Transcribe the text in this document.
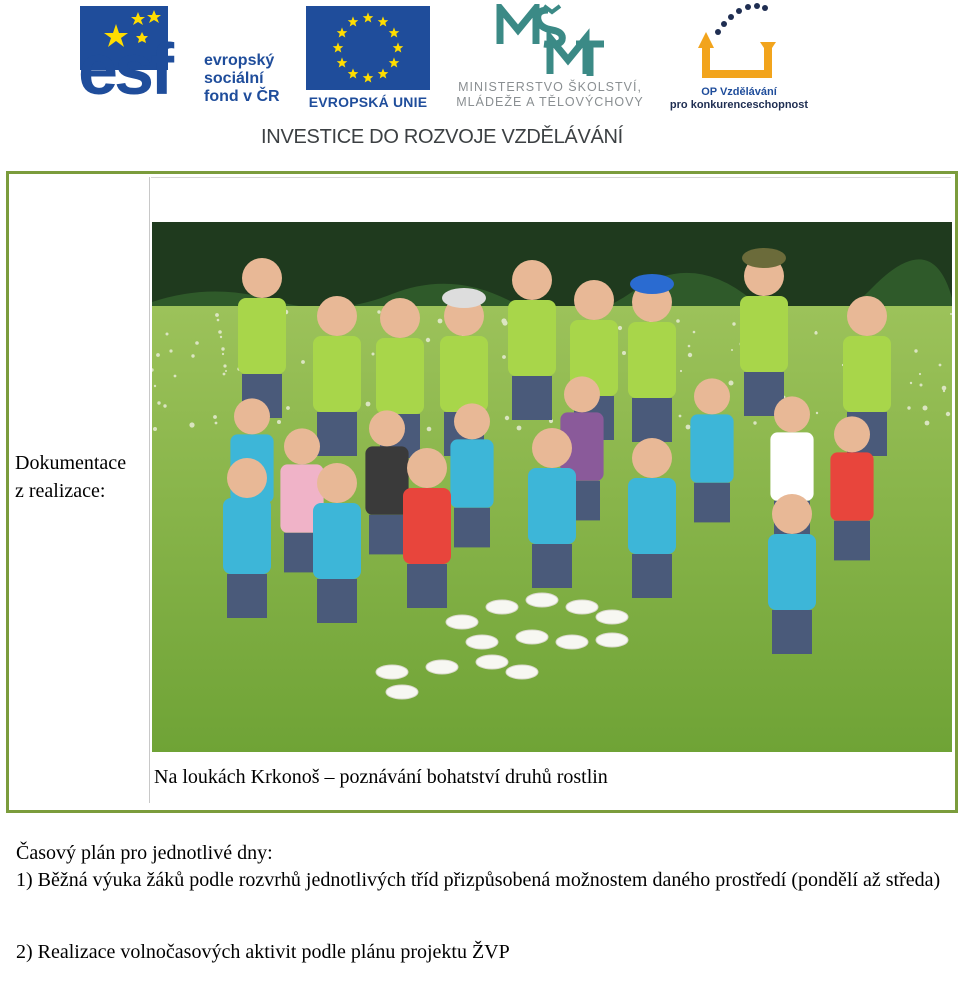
esf evropský
sociální
fond v ČR	EVROPSKÁ UNIE
MINISTERSTVO ŠKOLSTVÍ,
MLÁDEŽE A TĚLOVÝCHOVY
OP Vzdělávání
pro konkurenceschopnost
INVESTICE DO ROZVOJE VZDĚLÁVÁNÍ
Dokumentace
z realizace:
Na loukách Krkonoš – poznávání bohatství druhů rostlin

Časový plán pro jednotlivé dny:

1) Běžná výuka žáků podle rozvrhů jednotlivých tříd přizpůsobená možnostem daného prostředí (pondělí až středa)

2) Realizace volnočasových aktivit podle plánu projektu ŽVP
